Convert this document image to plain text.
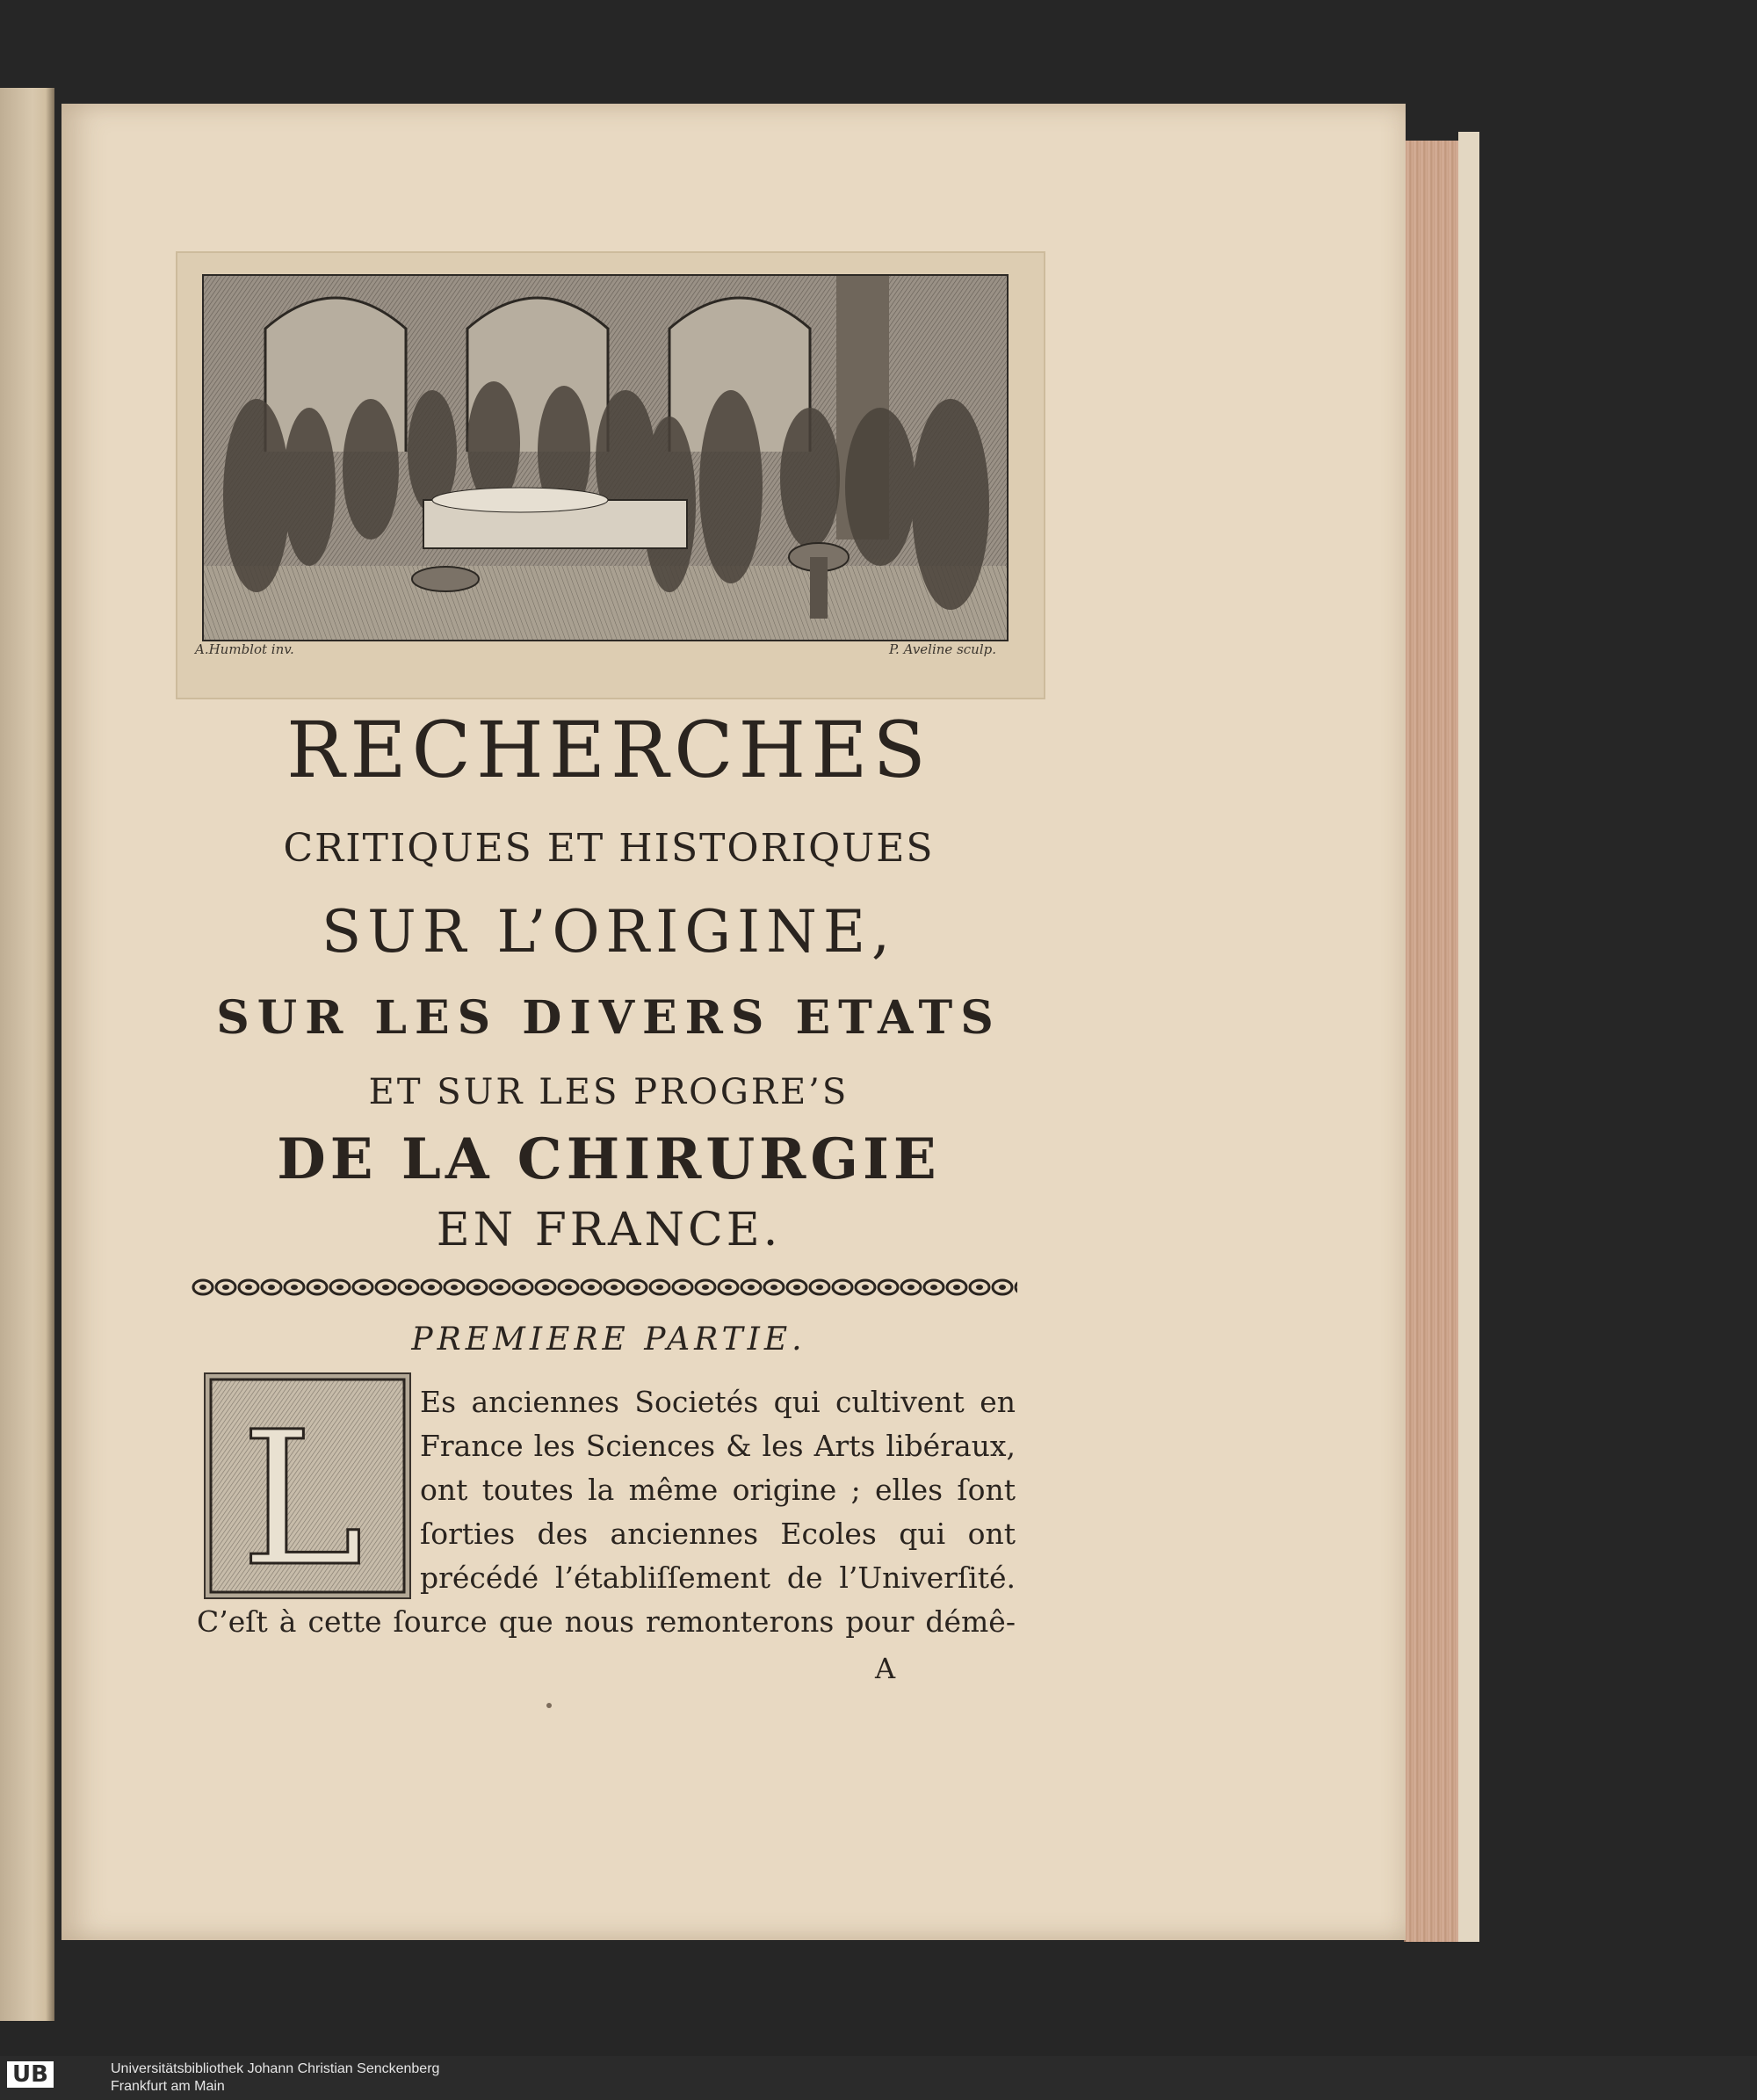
A.Humblot inv.	P. Aveline sculp.
RECHERCHES
CRITIQUES ET HISTORIQUES
SUR L’ORIGINE,
SUR LES DIVERS ETATS
ET SUR LES PROGRE’S
DE LA CHIRURGIE
EN FRANCE.
PREMIERE PARTIE.
L Es anciennes Societés qui cultivent en
France les Sciences & les Arts libéraux,
ont toutes la même origine ; elles ſont
ſorties des anciennes Ecoles qui ont
précédé l’établiſſement de l’Univerſité.
C’eſt à cette ſource que nous remonterons pour démê-
A
UB	Universitätsbibliothek Johann Christian Senckenberg
Frankfurt am Main
